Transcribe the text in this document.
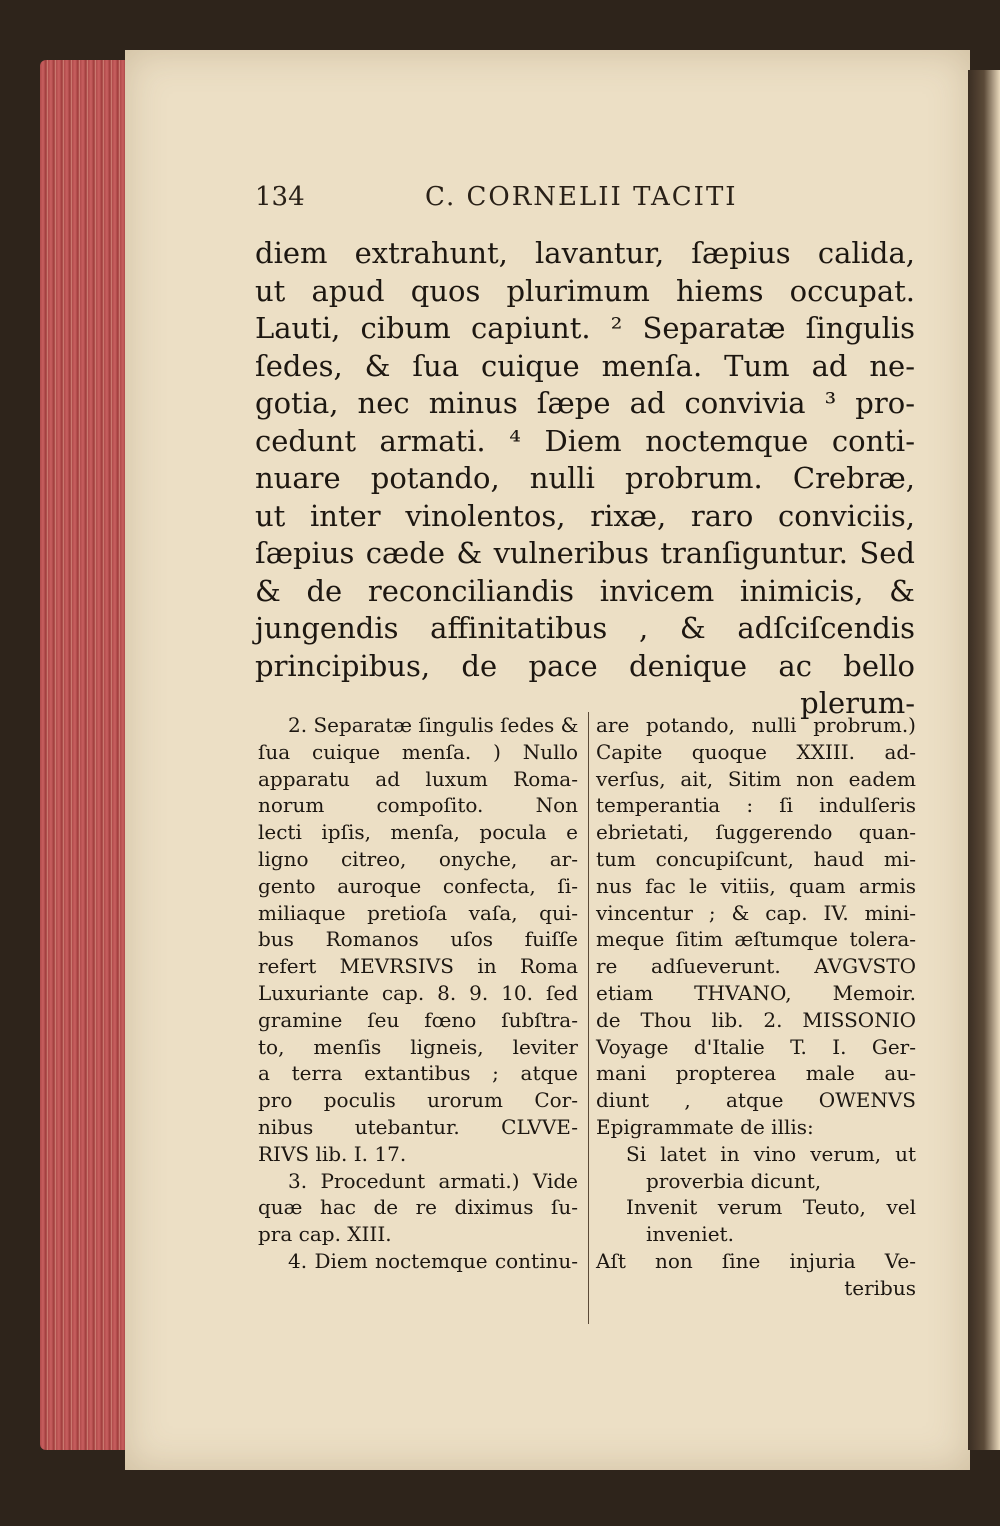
134	C. CORNELII TACITI
diem extrahunt, lavantur, ſæpius calida,
ut apud quos plurimum hiems occupat.
Lauti, cibum capiunt. ² Separatæ ſingulis
ſedes, & ſua cuique menſa. Tum ad ne-
gotia, nec minus ſæpe ad convivia ³ pro-
cedunt armati. ⁴ Diem noctemque conti-
nuare potando, nulli probrum. Crebræ,
ut inter vinolentos, rixæ, raro conviciis,
ſæpius cæde & vulneribus tranſiguntur. Sed
& de reconciliandis invicem inimicis, &
jungendis affinitatibus , & adſciſcendis
principibus, de pace denique ac bello
plerum-
2. Separatæ ſingulis ſedes &
ſua cuique menſa. ) Nullo
apparatu ad luxum Roma-
norum compoſito. Non
lecti ipſis, menſa, pocula e
ligno citreo, onyche, ar-
gento auroque confecta, ſi-
miliaque pretioſa vaſa, qui-
bus Romanos uſos fuiſſe
refert MEVRSIVS in Roma
Luxuriante cap. 8. 9. 10. ſed
gramine ſeu fœno ſubſtra-
to, menſis ligneis, leviter
a terra extantibus ; atque
pro poculis urorum Cor-
nibus utebantur. CLVVE-
RIVS lib. I. 17.
3. Procedunt armati.) Vide
quæ hac de re diximus ſu-
pra cap. XIII.
4. Diem noctemque continu-
are potando, nulli probrum.)
Capite quoque XXIII. ad-
verſus, ait, Sitim non eadem
temperantia : ſi indulſeris
ebrietati, ſuggerendo quan-
tum concupiſcunt, haud mi-
nus fac le vitiis, quam armis
vincentur ; & cap. IV. mini-
meque ſitim æſtumque tolera-
re adſueverunt. AVGVSTO
etiam THVANO, Memoir.
de Thou lib. 2. MISSONIO
Voyage d'Italie T. I. Ger-
mani propterea male au-
diunt , atque OWENVS
Epigrammate de illis:
Si latet in vino verum, ut
proverbia dicunt,
Invenit verum Teuto, vel
inveniet.
Aſt non ſine injuria Ve-
teribus
